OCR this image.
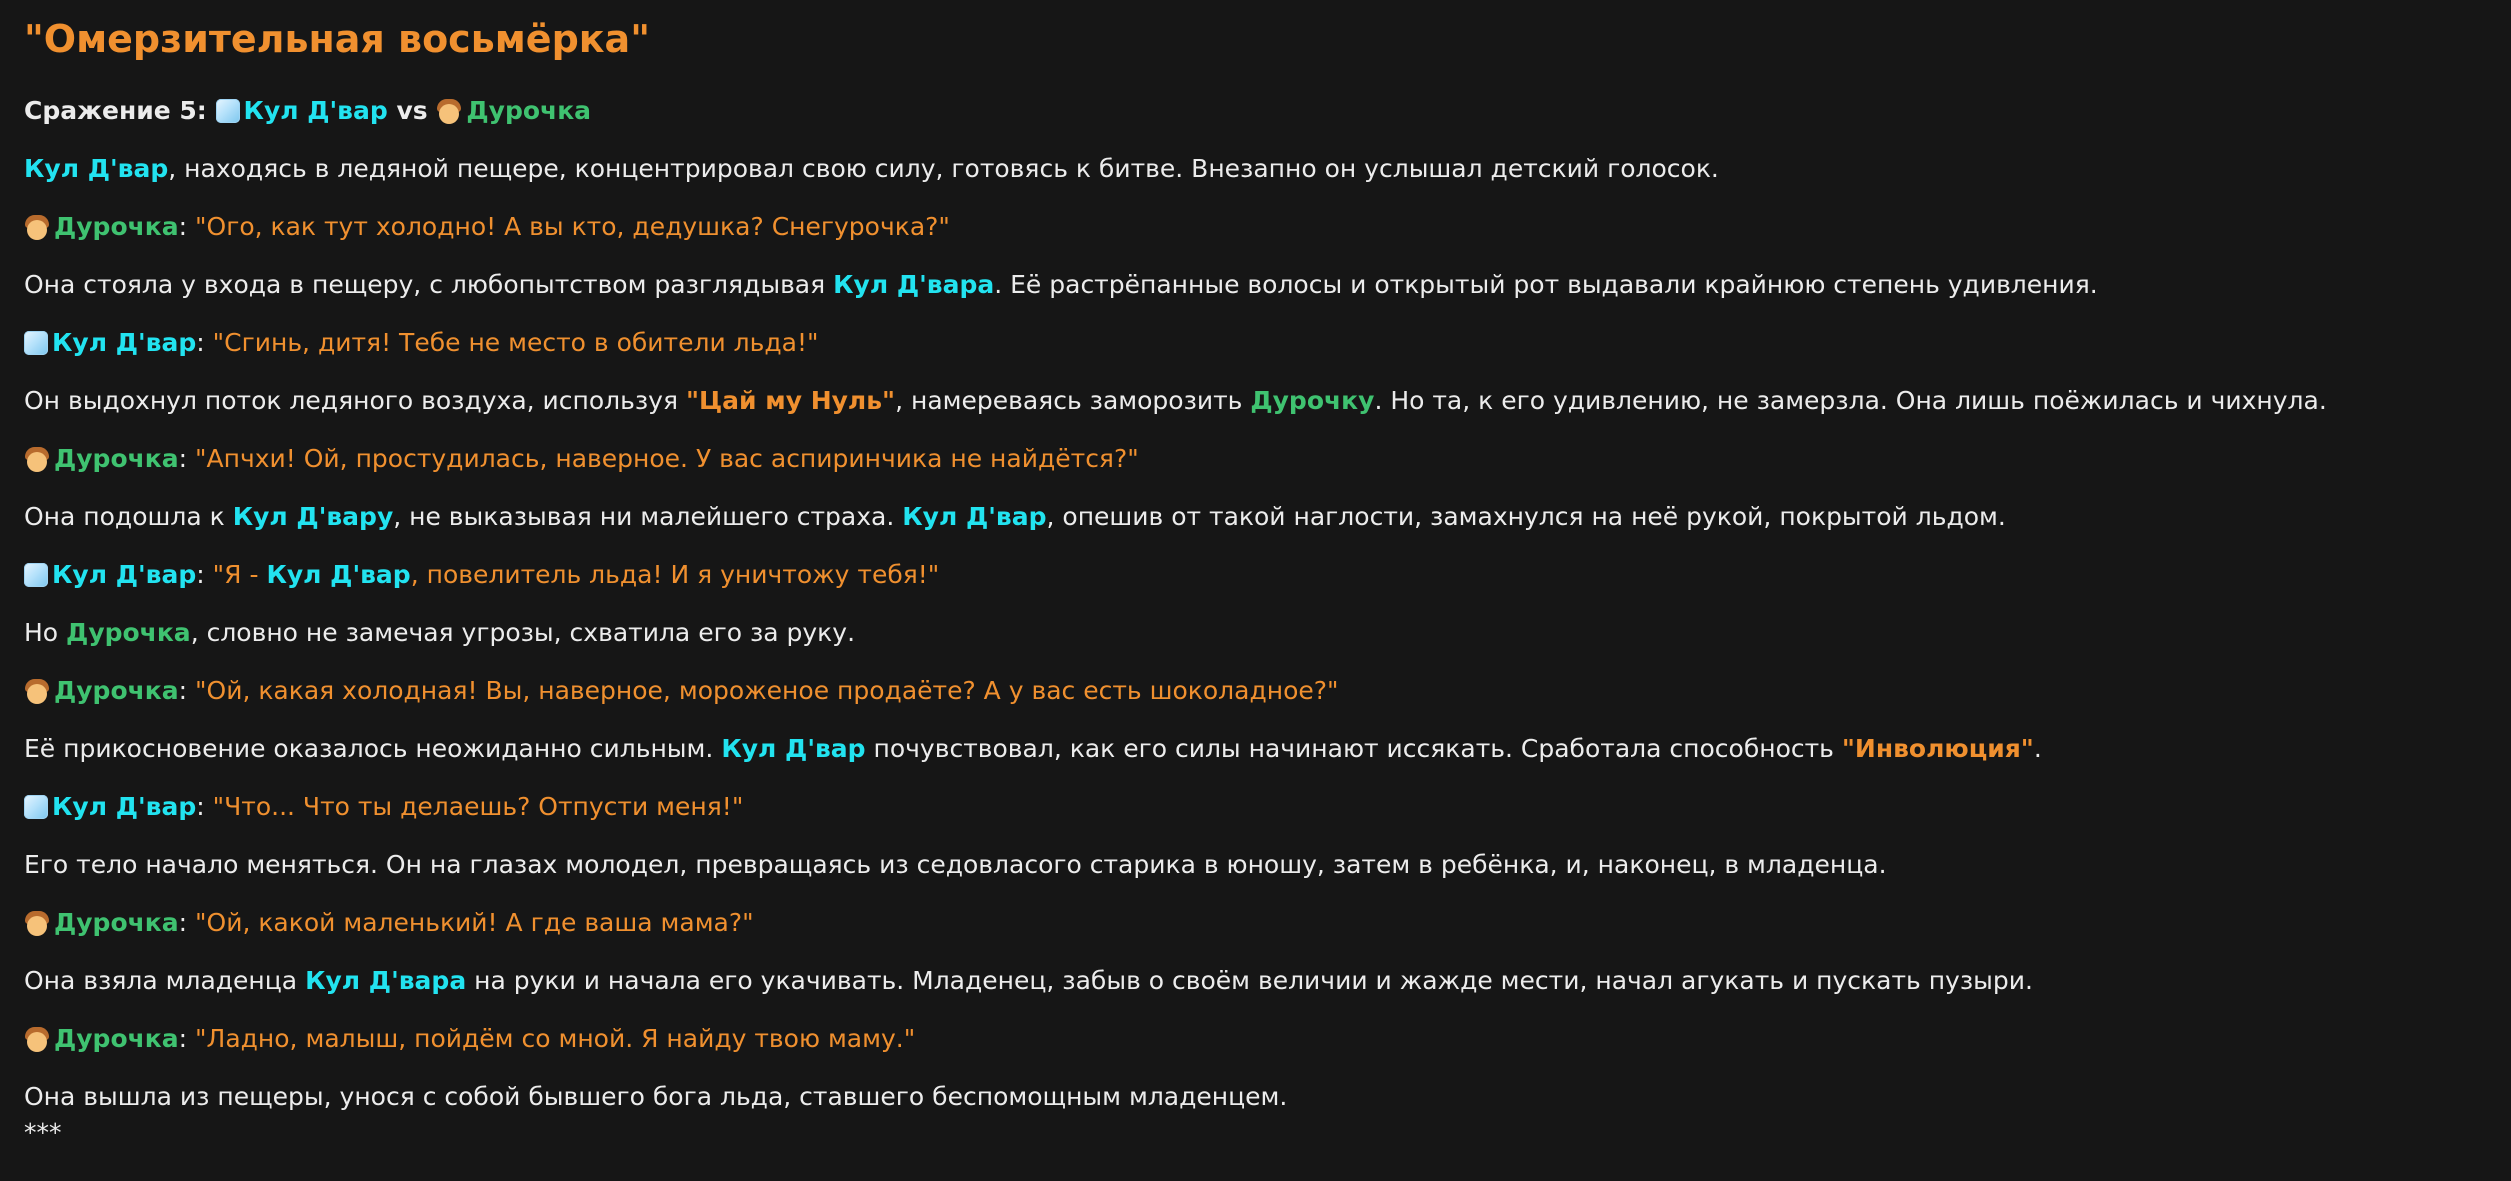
"Омерзительная восьмёрка"
Сражение 5: Кул Д'вар vs Дурочка
Кул Д'вар, находясь в ледяной пещере, концентрировал свою силу, готовясь к битве. Внезапно он услышал детский голосок.
Дурочка: "Ого, как тут холодно! А вы кто, дедушка? Снегурочка?"
Она стояла у входа в пещеру, с любопытством разглядывая Кул Д'вара. Её растрёпанные волосы и открытый рот выдавали крайнюю степень удивления.
Кул Д'вар: "Сгинь, дитя! Тебе не место в обители льда!"
Он выдохнул поток ледяного воздуха, используя "Цай му Нуль", намереваясь заморозить Дурочку. Но та, к его удивлению, не замерзла. Она лишь поёжилась и чихнула.
Дурочка: "Апчхи! Ой, простудилась, наверное. У вас аспиринчика не найдётся?"
Она подошла к Кул Д'вару, не выказывая ни малейшего страха. Кул Д'вар, опешив от такой наглости, замахнулся на неё рукой, покрытой льдом.
Кул Д'вар: "Я - Кул Д'вар, повелитель льда! И я уничтожу тебя!"
Но Дурочка, словно не замечая угрозы, схватила его за руку.
Дурочка: "Ой, какая холодная! Вы, наверное, мороженое продаёте? А у вас есть шоколадное?"
Её прикосновение оказалось неожиданно сильным. Кул Д'вар почувствовал, как его силы начинают иссякать. Сработала способность "Инволюция".
Кул Д'вар: "Что... Что ты делаешь? Отпусти меня!"
Его тело начало меняться. Он на глазах молодел, превращаясь из седовласого старика в юношу, затем в ребёнка, и, наконец, в младенца.
Дурочка: "Ой, какой маленький! А где ваша мама?"
Она взяла младенца Кул Д'вара на руки и начала его укачивать. Младенец, забыв о своём величии и жажде мести, начал агукать и пускать пузыри.
Дурочка: "Ладно, малыш, пойдём со мной. Я найду твою маму."
Она вышла из пещеры, унося с собой бывшего бога льда, ставшего беспомощным младенцем.
***
